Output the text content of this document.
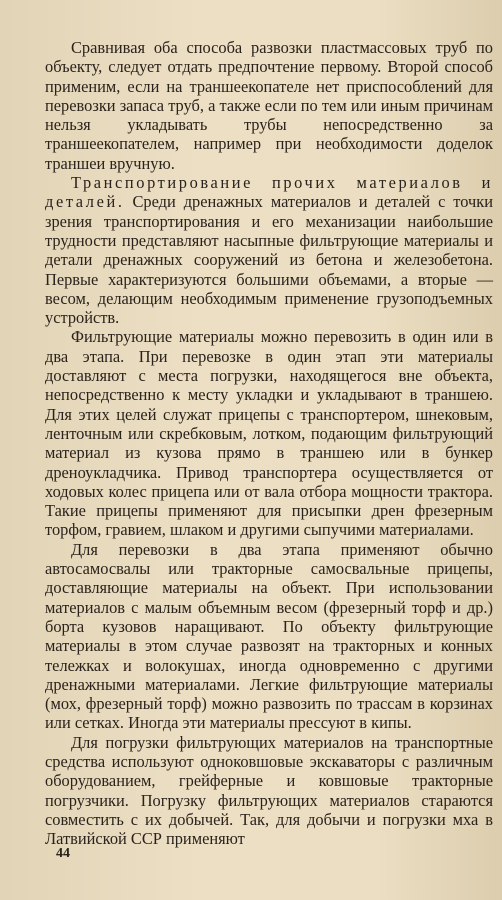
Сравнивая оба способа развозки пластмассовых труб по объекту, следует отдать предпочтение первому. Второй способ применим, если на траншеекопателе нет приспособлений для перевозки запаса труб, а также если по тем или иным причинам нельзя укладывать трубы непосредственно за траншеекопателем, например при необходимости доделок траншеи вручную.

Транспортирование прочих материалов и деталей. Среди дренажных материалов и деталей с точки зрения транспортирования и его механизации наибольшие трудности представляют насыпные фильтрующие материалы и детали дренажных сооружений из бетона и железобетона. Первые характеризуются большими объемами, а вторые — весом, делающим необходимым применение грузоподъемных устройств.

Фильтрующие материалы можно перевозить в один или в два этапа. При перевозке в один этап эти материалы доставляют с места погрузки, находящегося вне объекта, непосредственно к месту укладки и укладывают в траншею. Для этих целей служат прицепы с транспортером, шнековым, ленточным или скребковым, лотком, подающим фильтрующий материал из кузова прямо в траншею или в бункер дреноукладчика. Привод транспортера осуществляется от ходовых колес прицепа или от вала отбора мощности трактора. Такие прицепы применяют для присыпки дрен фрезерным торфом, гравием, шлаком и другими сыпучими материалами.

Для перевозки в два этапа применяют обычно автосамосвалы или тракторные самосвальные прицепы, доставляющие материалы на объект. При использовании материалов с малым объемным весом (фрезерный торф и др.) борта кузовов наращивают. По объекту фильтрующие материалы в этом случае развозят на тракторных и конных тележках и волокушах, иногда одновременно с другими дренажными материалами. Легкие фильтрующие материалы (мох, фрезерный торф) можно развозить по трассам в корзинах или сетках. Иногда эти материалы прессуют в кипы.

Для погрузки фильтрующих материалов на транспортные средства используют одноковшовые экскаваторы с различным оборудованием, грейферные и ковшовые тракторные погрузчики. Погрузку фильтрующих материалов стараются совместить с их добычей. Так, для добычи и погрузки мха в Латвийской ССР применяют

44
